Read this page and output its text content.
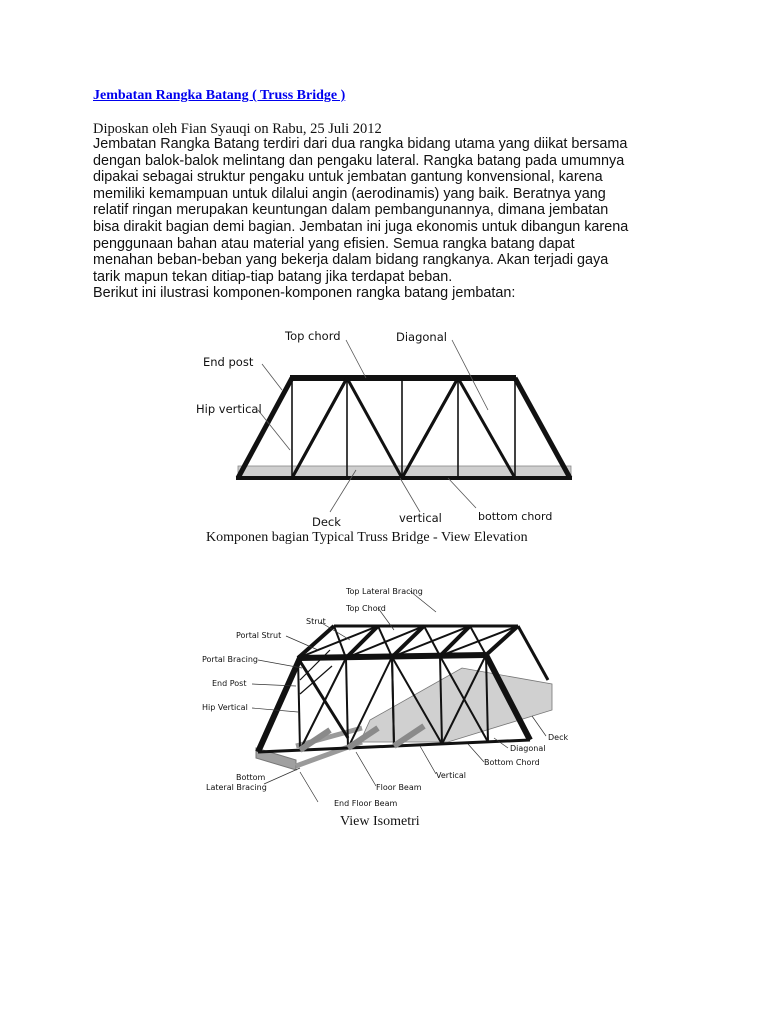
Jembatan Rangka Batang ( Truss Bridge )
Diposkan oleh Fian Syauqi on Rabu, 25 Juli 2012
Jembatan Rangka Batang terdiri dari dua rangka bidang utama yang diikat bersama
dengan balok-balok melintang dan pengaku lateral. Rangka batang pada umumnya
dipakai sebagai struktur pengaku untuk jembatan gantung konvensional, karena
memiliki kemampuan untuk dilalui angin (aerodinamis) yang baik. Beratnya yang
relatif ringan merupakan keuntungan dalam pembangunannya, dimana jembatan
bisa dirakit bagian demi bagian. Jembatan ini juga ekonomis untuk dibangun karena
penggunaan bahan atau material yang efisien. Semua rangka batang dapat
menahan beban-beban yang bekerja dalam bidang rangkanya. Akan terjadi gaya
tarik mapun tekan ditiap-tiap batang jika terdapat beban.
Berikut ini ilustrasi komponen-komponen rangka batang jembatan:
Top chord	Diagonal
End post
Hip vertical
Deck	vertical	bottom chord
Komponen bagian Typical Truss Bridge - View Elevation
Top Lateral Bracing
Top Chord
Strut
Portal Strut
Portal Bracing
End Post
Hip Vertical
Bottom
Lateral Bracing
End Floor Beam
Floor Beam
Vertical
Bottom Chord
Diagonal
Deck
View Isometri
